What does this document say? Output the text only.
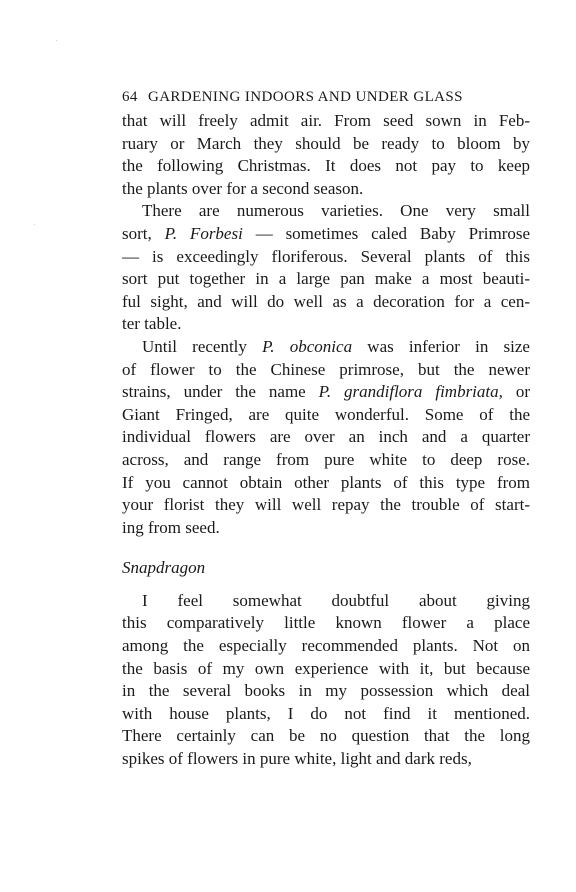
64 GARDENING INDOORS AND UNDER GLASS
that will freely admit air. From seed sown in Feb-
ruary or March they should be ready to bloom by
the following Christmas. It does not pay to keep
the plants over for a second season.
There are numerous varieties. One very small
sort, P. Forbesi — sometimes caled Baby Primrose
— is exceedingly floriferous. Several plants of this
sort put together in a large pan make a most beauti-
ful sight, and will do well as a decoration for a cen-
ter table.
Until recently P. obconica was inferior in size
of flower to the Chinese primrose, but the newer
strains, under the name P. grandiflora fimbriata, or
Giant Fringed, are quite wonderful. Some of the
individual flowers are over an inch and a quarter
across, and range from pure white to deep rose.
If you cannot obtain other plants of this type from
your florist they will well repay the trouble of start-
ing from seed.
Snapdragon
I feel somewhat doubtful about giving
this comparatively little known flower a place
among the especially recommended plants. Not on
the basis of my own experience with it, but because
in the several books in my possession which deal
with house plants, I do not find it mentioned.
There certainly can be no question that the long
spikes of flowers in pure white, light and dark reds,
